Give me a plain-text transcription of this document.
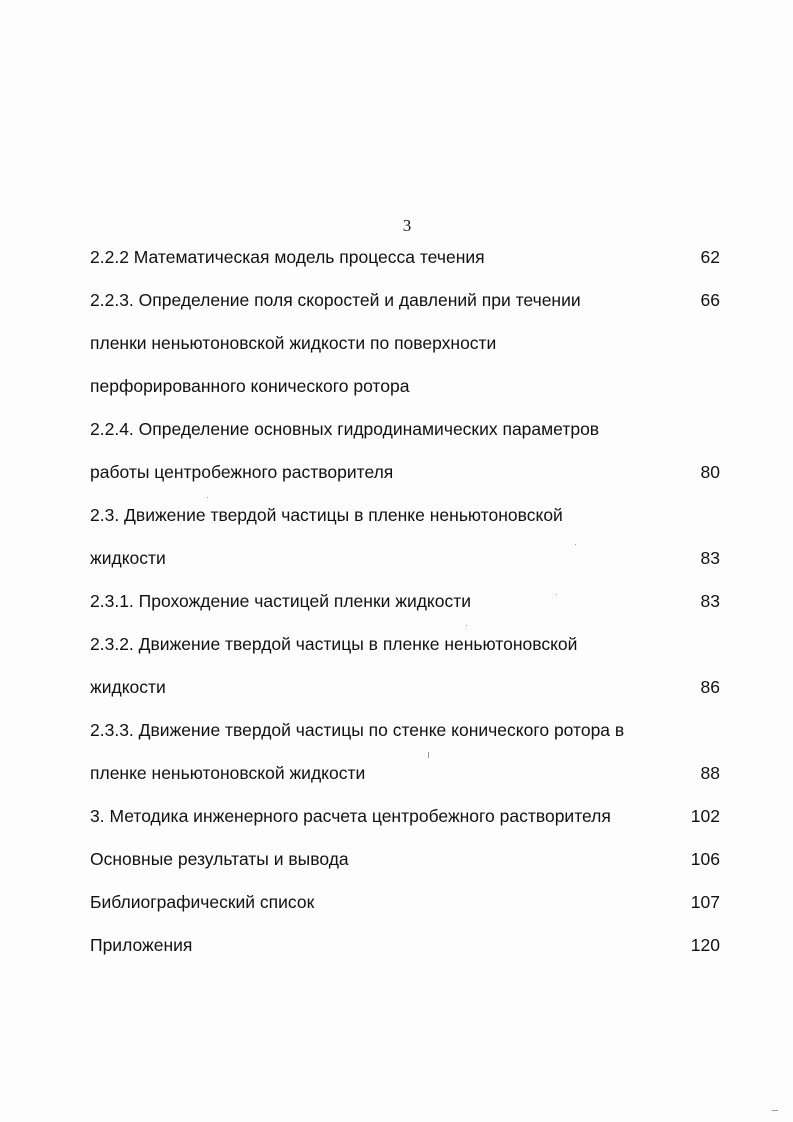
3
2.2.2 Математическая модель процесса течения	62
2.2.3. Определение поля скоростей и давлений при течении	66
пленки неньютоновской жидкости по поверхности
перфорированного конического ротора
2.2.4. Определение основных гидродинамических параметров
работы центробежного растворителя	80
2.3. Движение твердой частицы в пленке неньютоновской
жидкости	83
2.3.1. Прохождение частицей пленки жидкости	83
2.3.2. Движение твердой частицы в пленке неньютоновской
жидкости	86
2.3.3. Движение твердой частицы по стенке конического ротора в
пленке неньютоновской жидкости	88
3. Методика инженерного расчета центробежного растворителя	102
Основные результаты и вывода	106
Библиографический список	107
Приложения	120
